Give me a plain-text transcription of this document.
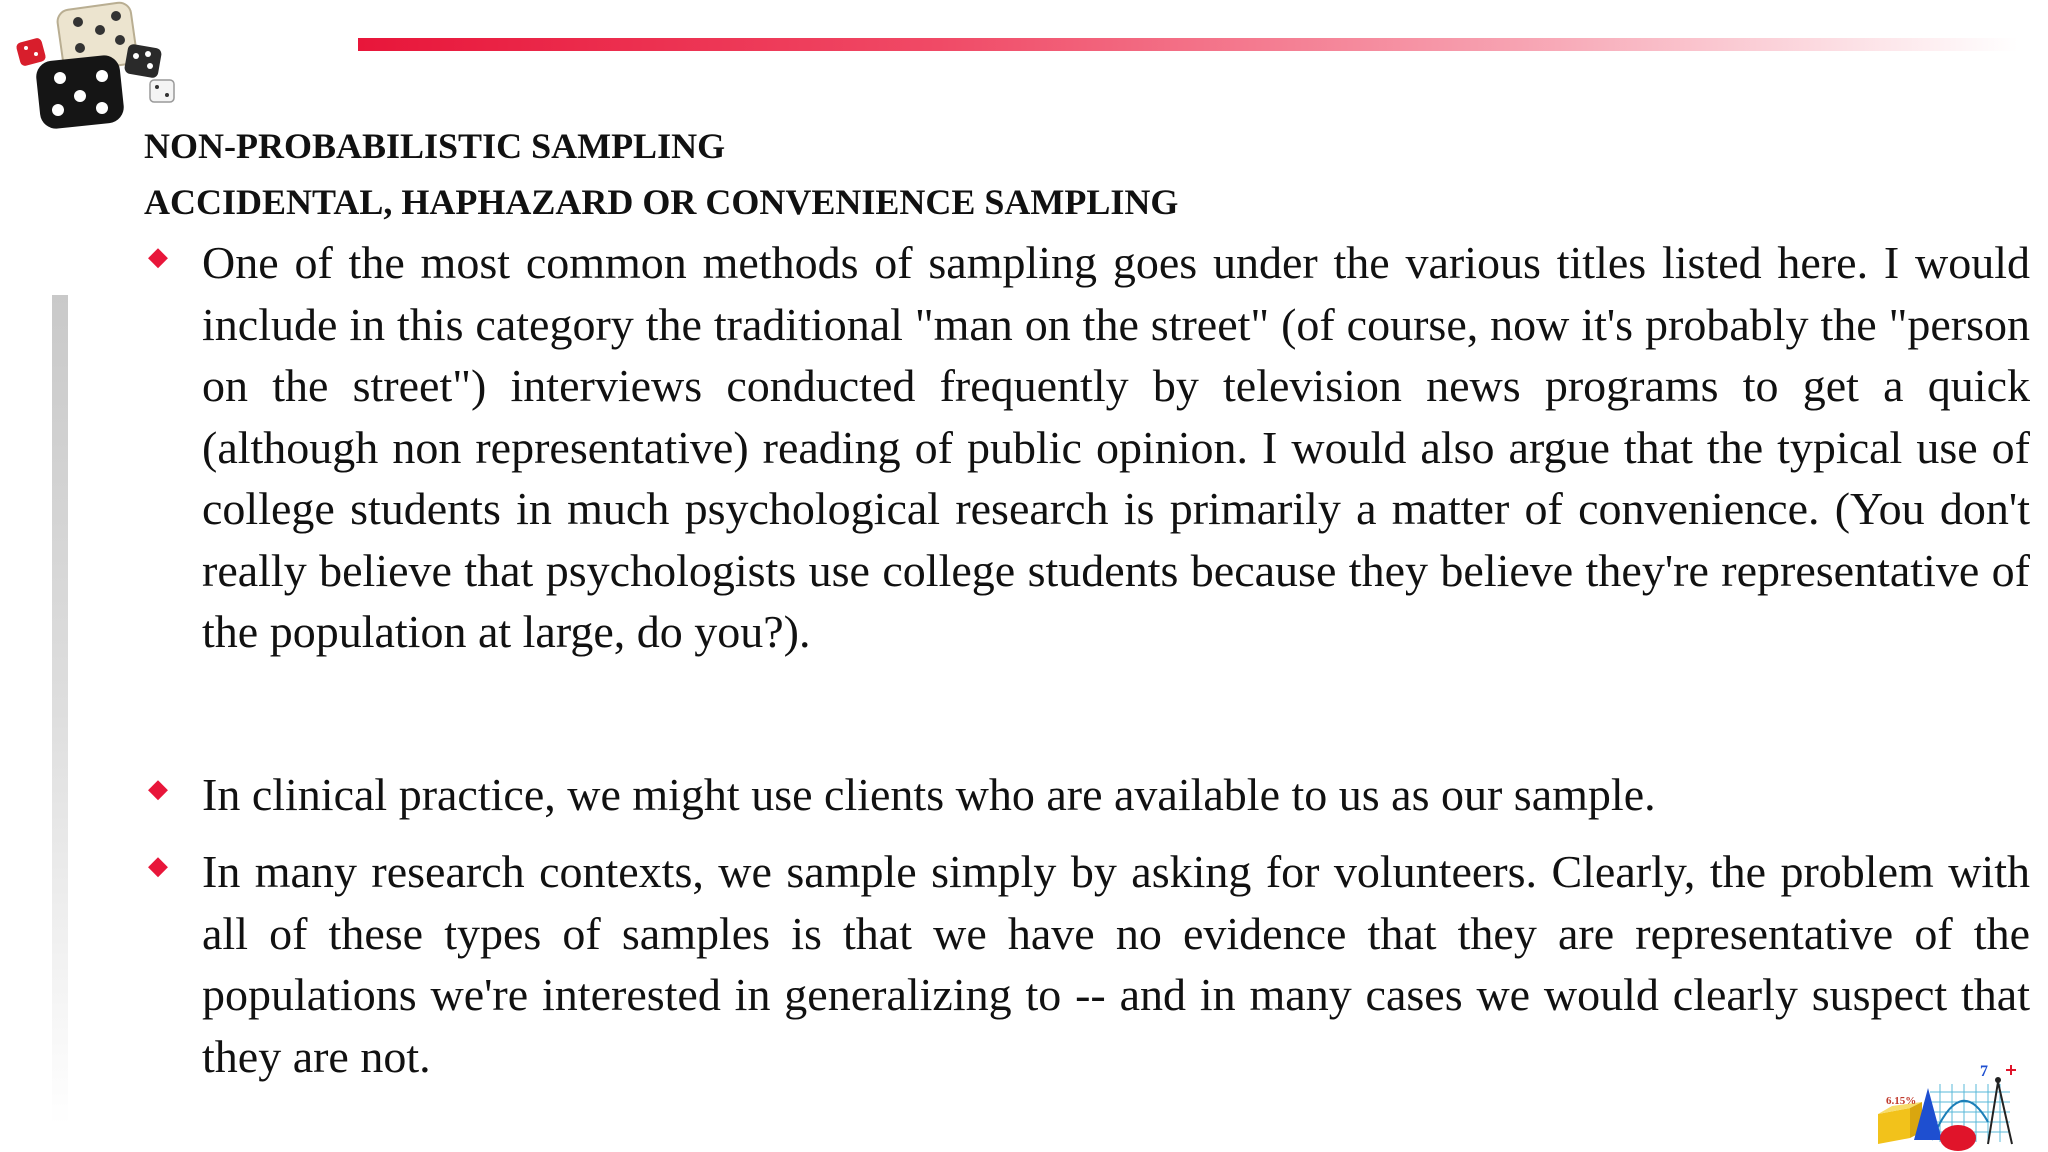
NON-PROBABILISTIC SAMPLING

ACCIDENTAL, HAPHAZARD OR CONVENIENCE SAMPLING

◆ One of the most common methods of sampling goes under the various titles listed here. I would include in this category the traditional "man on the street" (of course, now it's probably the "person on the street") interviews conducted frequently by television news programs to get a quick (although non representative) reading of public opinion. I would also argue that the typical use of college students in much psychological research is primarily a matter of convenience. (You don't really believe that psychologists use college students because they believe they're representative of the population at large, do you?).
◆ In clinical practice, we might use clients who are available to us as our sample.
◆ In many research contexts, we sample simply by asking for volunteers. Clearly, the problem with all of these types of samples is that we have no evidence that they are representative of the populations we're interested in generalizing to -- and in many cases we would clearly suspect that they are not.
6.15%
7
